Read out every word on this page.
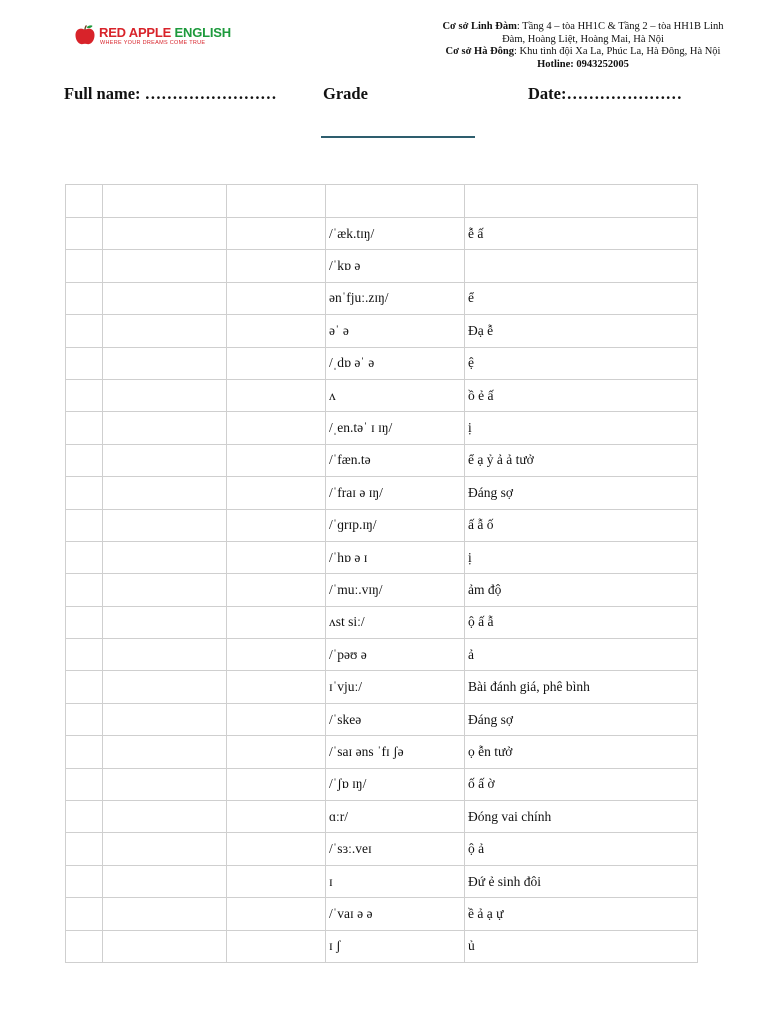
RED APPLE ENGLISH
WHERE YOUR DREAMS COME TRUE
Cơ sở Linh Đàm: Tầng 4 – tòa HH1C & Tầng 2 – tòa HH1B Linh
Đàm, Hoàng Liệt, Hoàng Mai, Hà Nội
Cơ sở Hà Đông: Khu tình đội Xa La, Phúc La, Hà Đông, Hà Nội
Hotline: 0943252005
Full name: ……………………	Grade	Date:…………………

			/ˈæk.tɪŋ/	ễ ấ
			/ˈkɒ ə	
			ənˈfjuː.zɪŋ/	ể
			əˈ ə	Đạ ễ
			/ˌdɒ əˈ ə	ệ
			ʌ	ồ ẻ ấ
			/ˌen.təˈ ɪ ɪŋ/	ị
			/ˈfæn.tə	ể ạ ỷ ả ả tưở
			/ˈfraɪ ə ɪŋ/	Đáng sợ
			/ˈɡrɪp.ɪŋ/	ấ ẫ ố
			/ˈhɒ ə ɪ	ị
			/ˈmuː.vɪŋ/	ảm độ
			ʌst siː/	ộ ấ ẫ
			/ˈpəʊ ə	ả
			ɪˈvjuː/	Bài đánh giá, phê bình
			/ˈskeə	Đáng sợ
			/ˈsaɪ əns ˈfɪ ʃə	ọ ễn tưở
			/ˈʃɒ ɪŋ/	ố ấ ờ
			ɑːr/	Đóng vai chính
			/ˈsɜː.veɪ	ộ ả
			ɪ	Đứ ẻ sinh đôi
			/ˈvaɪ ə ə	ề ả ạ ự
			ɪ ʃ	ủ
